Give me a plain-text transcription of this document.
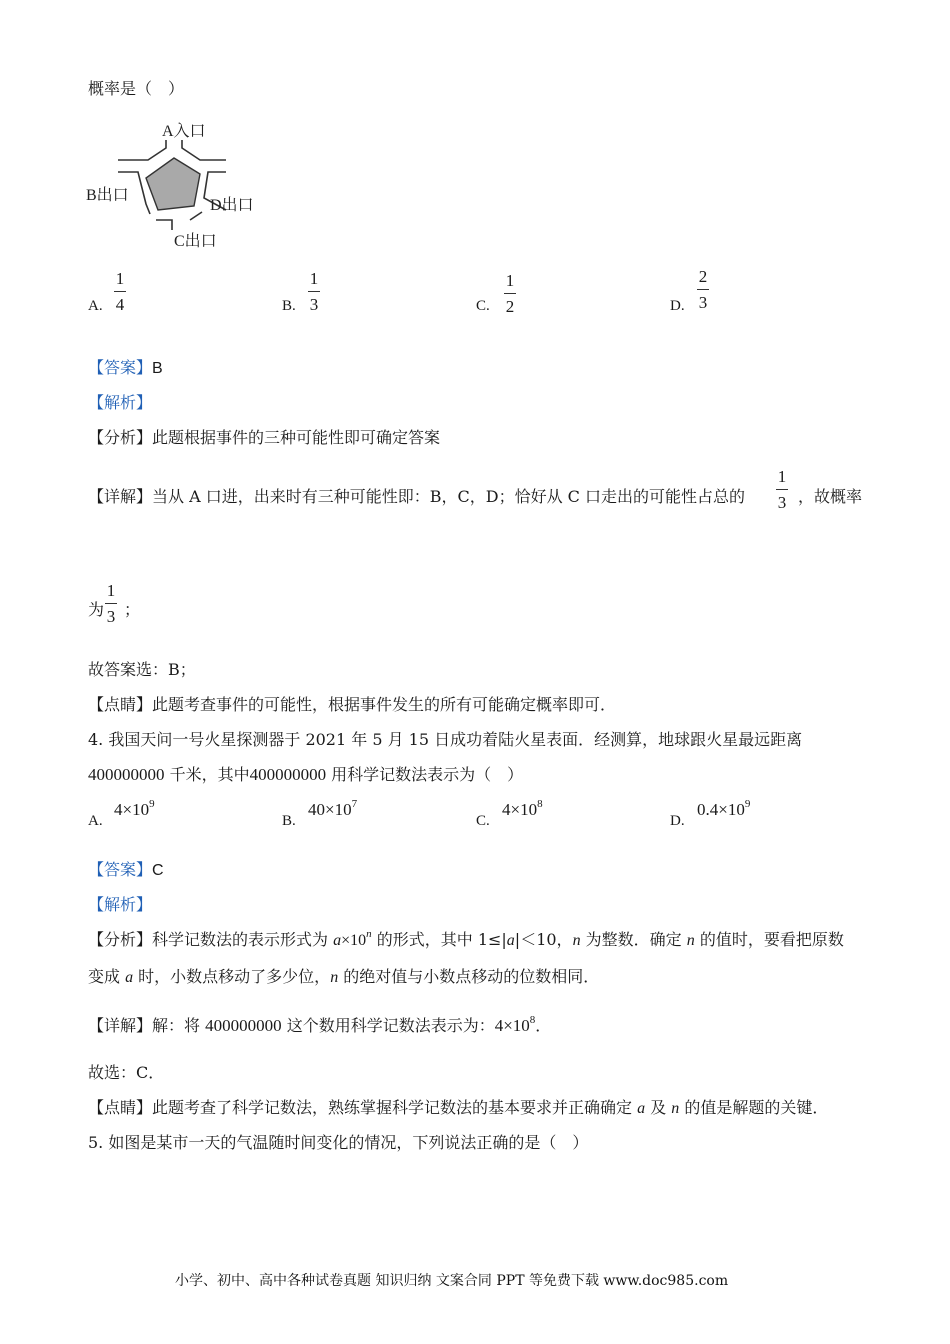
概率是（　）
A入口
B出口
D出口
C出口
A.
1
4	B.
1
3	C.
1
2	D.
2
3
【答案】B
【解析】
【分析】此题根据事件的三种可能性即可确定答案
【详解】当从 A 口进，出来时有三种可能性即：B，C，D；恰好从 C 口走出的可能性占总的
1
3 ，故概率
为
1
3 ；
故答案选：B；
【点睛】此题考查事件的可能性，根据事件发生的所有可能确定概率即可．
4. 我国天问一号火星探测器于 2021 年 5 月 15 日成功着陆火星表面．经测算，地球跟火星最远距离
400000000 千米，其中400000000 用科学记数法表示为（　）
A.
$4\times 10^9$
B.
$40\times 10^7$
C.
$4\times 10^8$
D.
$0.4\times 10^9$
【答案】C
【解析】
【分析】科学记数法的表示形式为 $a\times 10^n$ 的形式，其中 1≤|a|＜10，n 为整数．确定 n 的值时，要看把原数
变成 a 时，小数点移动了多少位，n 的绝对值与小数点移动的位数相同．
【详解】解：将 400000000 这个数用科学记数法表示为：$4\times 10^8$．
故选：C．
【点睛】此题考查了科学记数法，熟练掌握科学记数法的基本要求并正确确定 a 及 n 的值是解题的关键．
5. 如图是某市一天的气温随时间变化的情况，下列说法正确的是（　）
小学、初中、高中各种试卷真题 知识归纳 文案合同 PPT 等免费下载 www.doc985.com
